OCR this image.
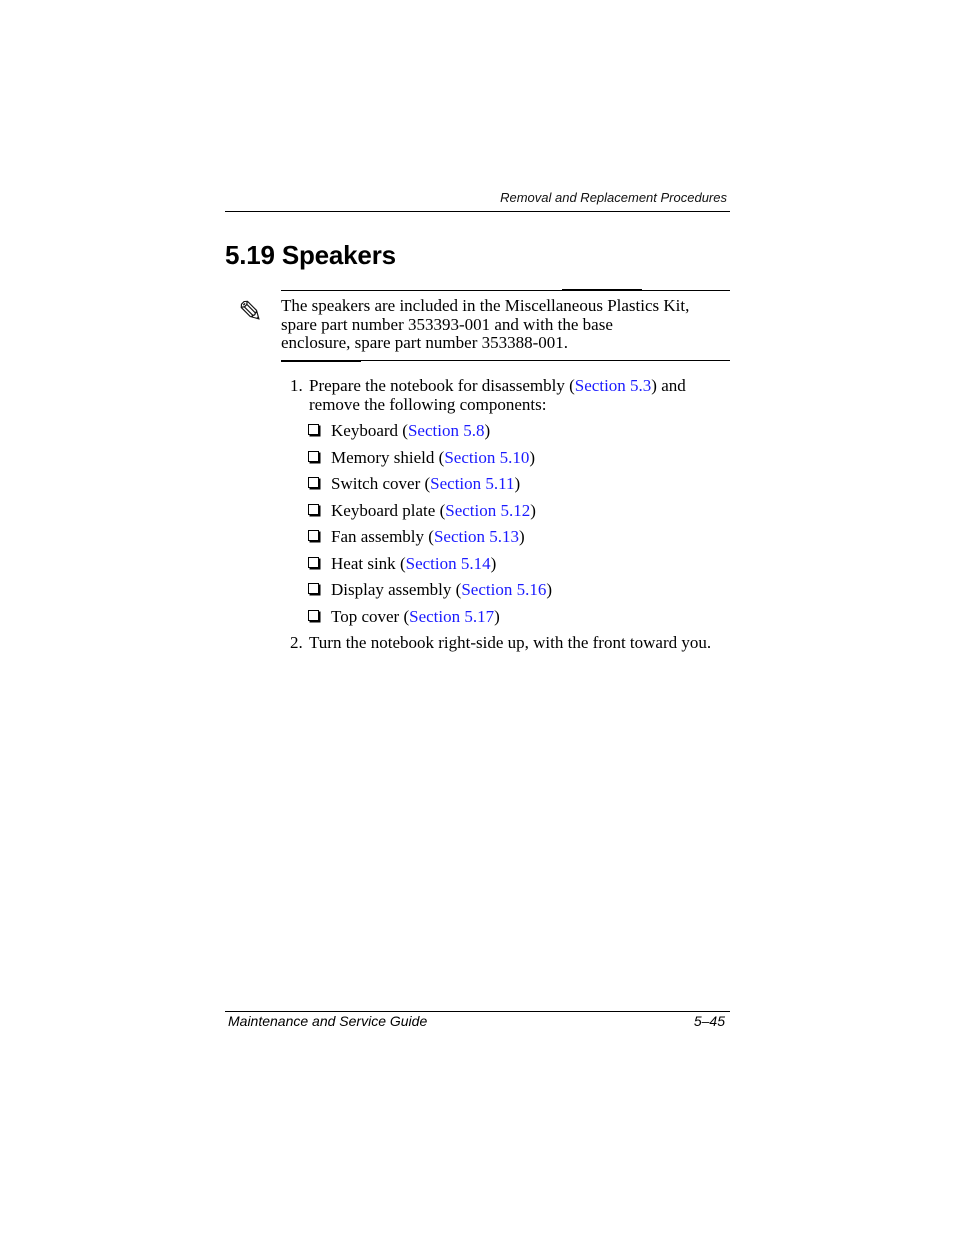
Removal and Replacement Procedures
5.19 Speakers
✎ The speakers are included in the Miscellaneous Plastics Kit,
spare part number 353393-001 and with the base
enclosure, spare part number 353388-001.
1. Prepare the notebook for disassembly (Section 5.3) and
remove the following components:
Keyboard (Section 5.8)
Memory shield (Section 5.10)
Switch cover (Section 5.11)
Keyboard plate (Section 5.12)
Fan assembly (Section 5.13)
Heat sink (Section 5.14)
Display assembly (Section 5.16)
Top cover (Section 5.17)
2. Turn the notebook right-side up, with the front toward you.
Maintenance and Service Guide	5–45
